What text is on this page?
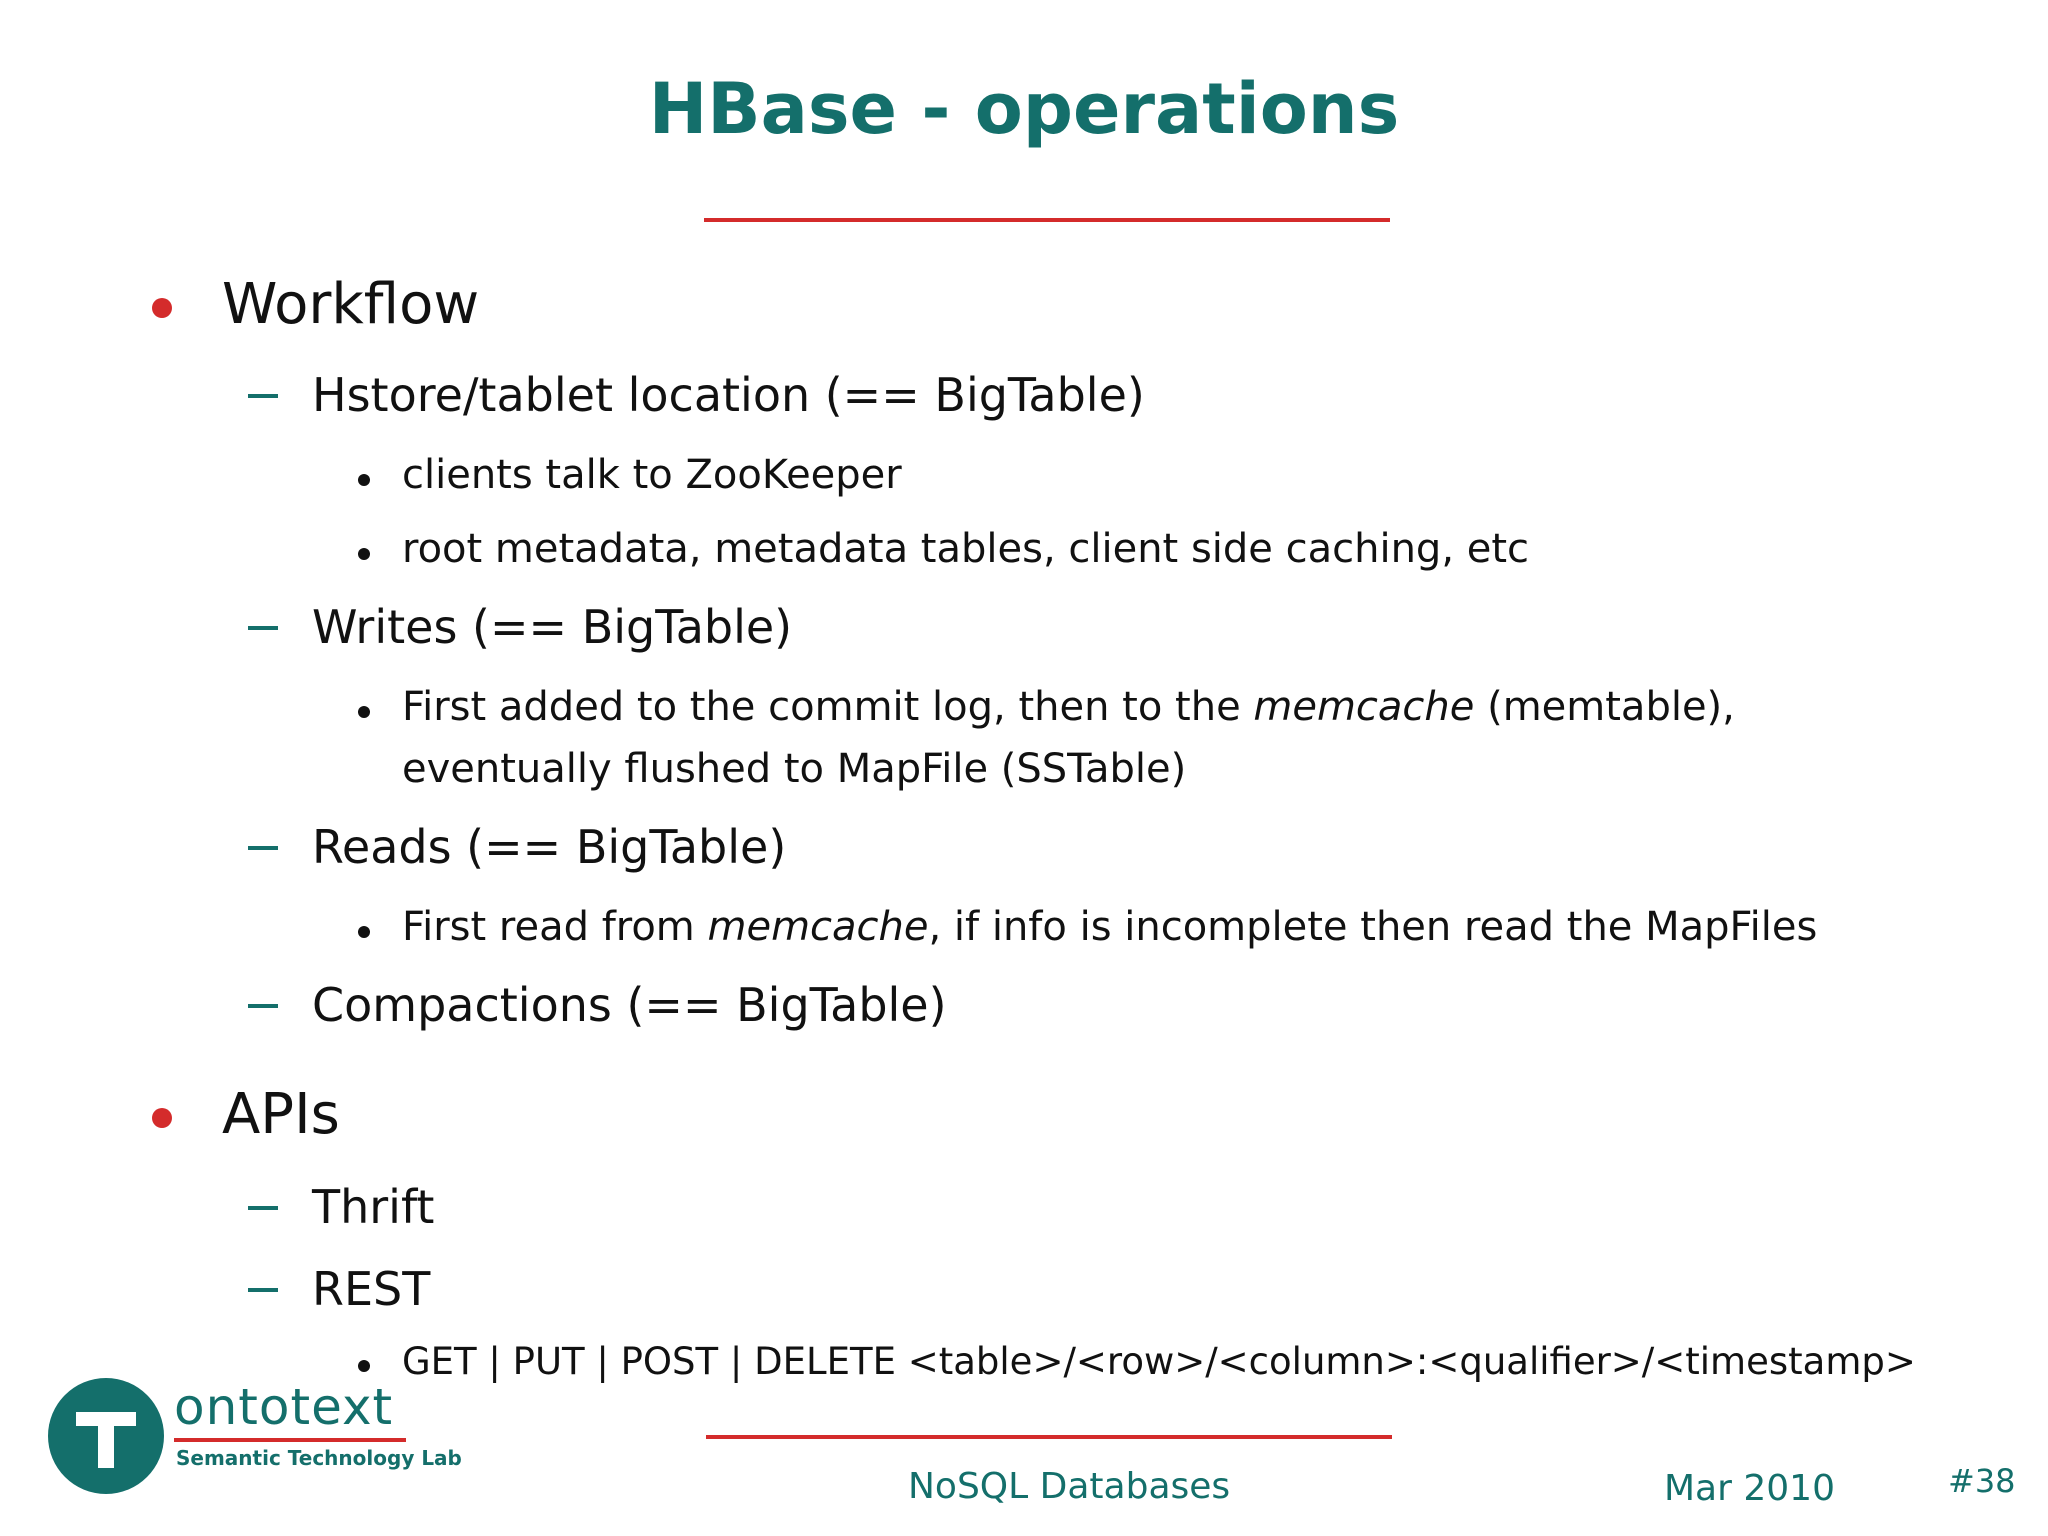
HBase - operations
Workflow
Hstore/tablet location (== BigTable)
clients talk to ZooKeeper
root metadata, metadata tables, client side caching, etc
Writes (== BigTable)
First added to the commit log, then to the memcache (memtable),
eventually flushed to MapFile (SSTable)
Reads (== BigTable)
First read from memcache, if info is incomplete then read the MapFiles
Compactions (== BigTable)
APIs
Thrift
REST
GET | PUT | POST | DELETE <table>/<row>/<column>:<qualifier>/<timestamp>
ontotext
Semantic Technology Lab
NoSQL Databases	Mar 2010	#38
